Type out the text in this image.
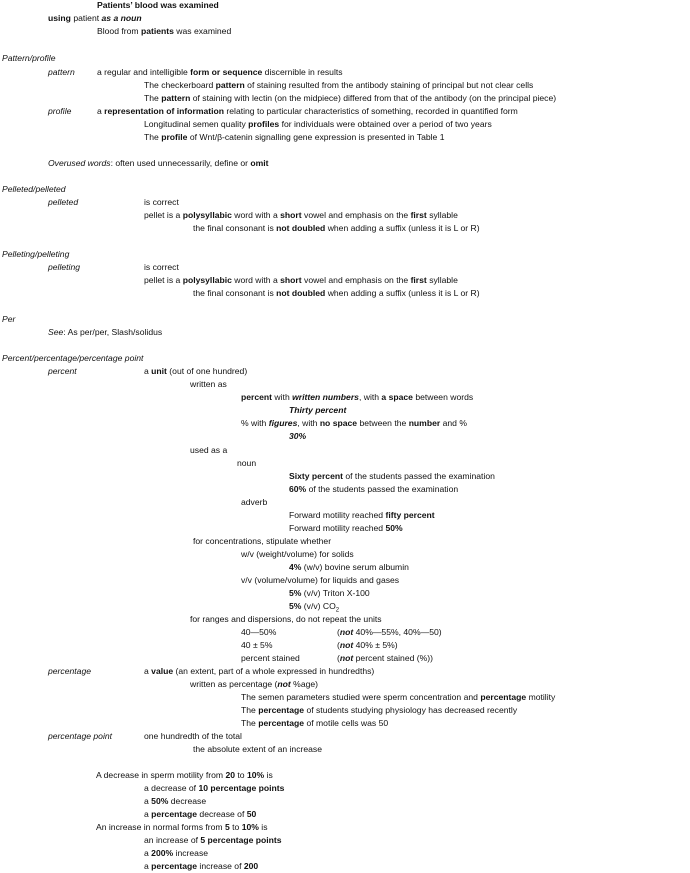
Patients’ blood was examined
using patient as a noun
Blood from patients was examined
Pattern/profile
pattern	a regular and intelligible form or sequence discernible in results
The checkerboard pattern of staining resulted from the antibody staining of principal but not clear cells
The pattern of staining with lectin (on the midpiece) differed from that of the antibody (on the principal piece)
profile	a representation of information relating to particular characteristics of something, recorded in quantified form
Longitudinal semen quality profiles for individuals were obtained over a period of two years
The profile of Wnt/β-catenin signalling gene expression is presented in Table 1
Overused words: often used unnecessarily, define or omit
Pelleted/pelleted
pelleted	is correct
pellet is a polysyllabic word with a short vowel and emphasis on the first syllable
the final consonant is not doubled when adding a suffix (unless it is L or R)
Pelleting/pelleting
pelleting	is correct
pellet is a polysyllabic word with a short vowel and emphasis on the first syllable
the final consonant is not doubled when adding a suffix (unless it is L or R)
Per
See: As per/per, Slash/solidus
Percent/percentage/percentage point
percent	a unit (out of one hundred)
written as
percent with written numbers, with a space between words
Thirty percent
% with figures, with no space between the number and %
30%
used as a
noun
Sixty percent of the students passed the examination
60% of the students passed the examination
adverb
Forward motility reached fifty percent
Forward motility reached 50%
for concentrations, stipulate whether
w/v (weight/volume) for solids
4% (w/v) bovine serum albumin
v/v (volume/volume) for liquids and gases
5% (v/v) Triton X-100
5% (v/v) $CO_2$
for ranges and dispersions, do not repeat the units
40—50%	(not 40%—55%, 40%—50)
40 ± 5%	(not 40% ± 5%)
percent stained	(not percent stained (%))
percentage	a value (an extent, part of a whole expressed in hundredths)
written as percentage (not %age)
The semen parameters studied were sperm concentration and percentage motility
The percentage of students studying physiology has decreased recently
The percentage of motile cells was 50
percentage point	one hundredth of the total
the absolute extent of an increase
A decrease in sperm motility from 20 to 10% is
a decrease of 10 percentage points
a 50% decrease
a percentage decrease of 50
An increase in normal forms from 5 to 10% is
an increase of 5 percentage points
a 200% increase
a percentage increase of 200
